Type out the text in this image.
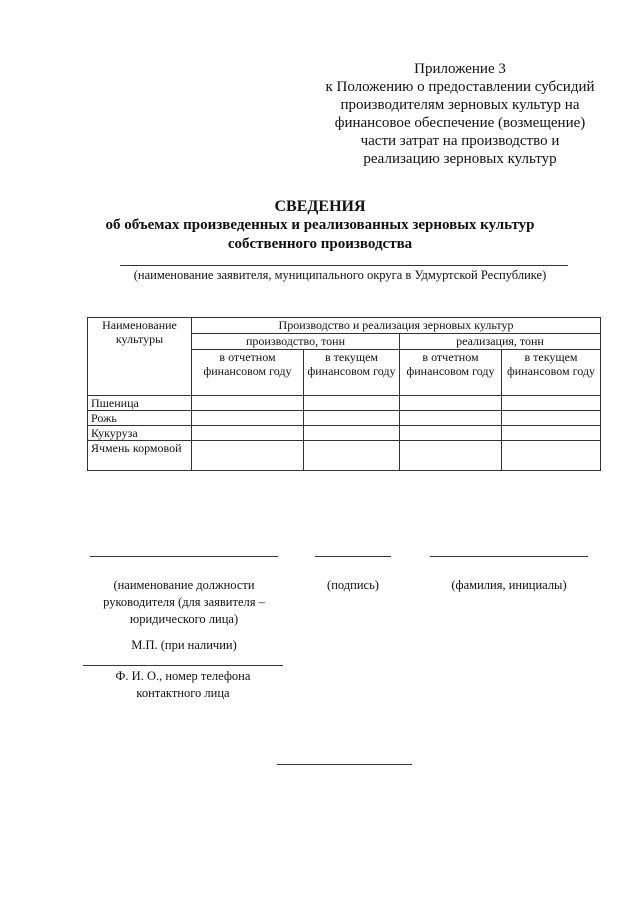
Приложение 3
к Положению о предоставлении субсидий
производителям зерновых культур на
финансовое обеспечение (возмещение)
части затрат на производство и
реализацию зерновых культур
СВЕДЕНИЯ
об объемах произведенных и реализованных зерновых культур
собственного производства
(наименование заявителя, муниципального округа в Удмуртской Республике)
Наименование культуры	Производство и реализация зерновых культур			
	производство, тонн		реализация, тонн	
	в отчетном финансовом году	в текущем финансовом году	в отчетном финансовом году	в текущем финансовом году
Пшеница				
Рожь				
Кукуруза				
Ячмень кормовой				
(наименование должности руководителя (для заявителя – юридического лица)
(подпись)	(фамилия, инициалы)
М.П. (при наличии)
Ф. И. О., номер телефона контактного лица
